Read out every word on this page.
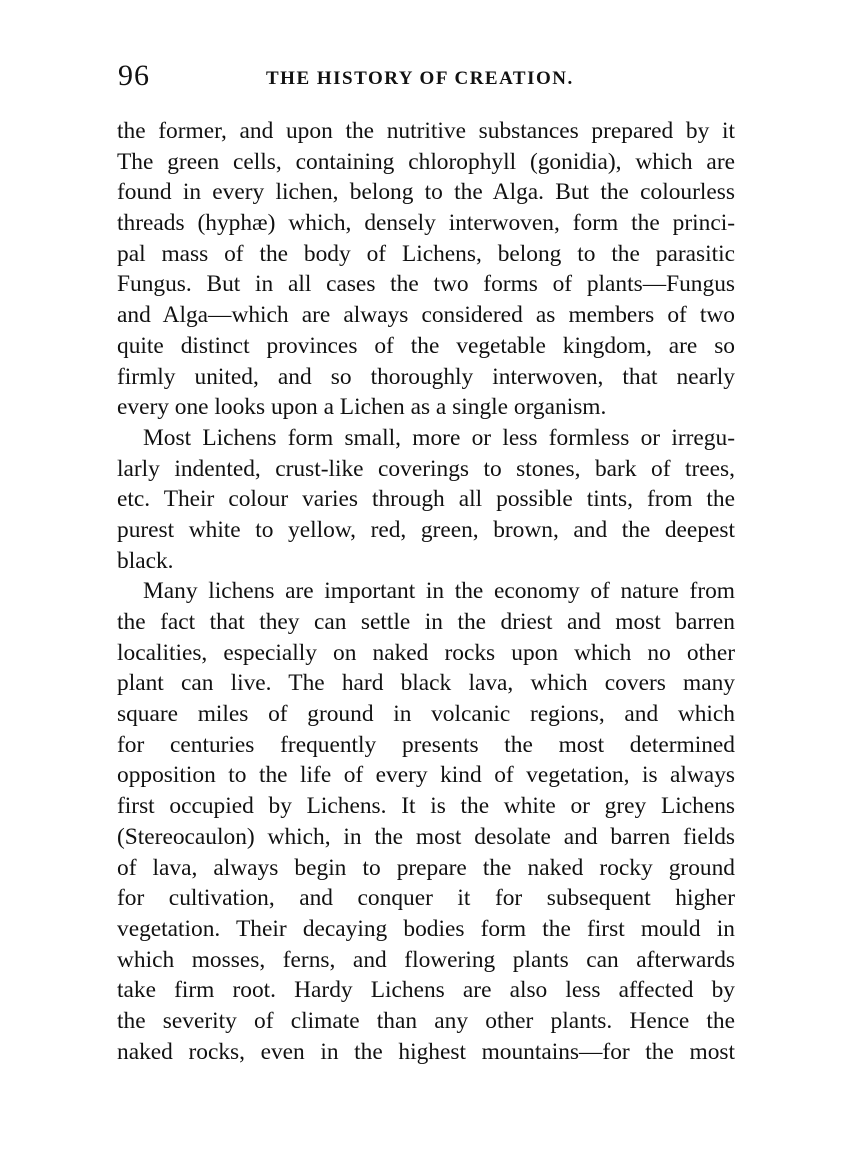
96	THE HISTORY OF CREATION.
the former, and upon the nutritive substances prepared by it
The green cells, containing chlorophyll (gonidia), which are
found in every lichen, belong to the Alga. But the colourless
threads (hyphæ) which, densely interwoven, form the princi-
pal mass of the body of Lichens, belong to the parasitic
Fungus. But in all cases the two forms of plants—Fungus
and Alga—which are always considered as members of two
quite distinct provinces of the vegetable kingdom, are so
firmly united, and so thoroughly interwoven, that nearly
every one looks upon a Lichen as a single organism.
Most Lichens form small, more or less formless or irregu-
larly indented, crust-like coverings to stones, bark of trees,
etc. Their colour varies through all possible tints, from the
purest white to yellow, red, green, brown, and the deepest
black.
Many lichens are important in the economy of nature from
the fact that they can settle in the driest and most barren
localities, especially on naked rocks upon which no other
plant can live. The hard black lava, which covers many
square miles of ground in volcanic regions, and which
for centuries frequently presents the most determined
opposition to the life of every kind of vegetation, is always
first occupied by Lichens. It is the white or grey Lichens
(Stereocaulon) which, in the most desolate and barren fields
of lava, always begin to prepare the naked rocky ground
for cultivation, and conquer it for subsequent higher
vegetation. Their decaying bodies form the first mould in
which mosses, ferns, and flowering plants can afterwards
take firm root. Hardy Lichens are also less affected by
the severity of climate than any other plants. Hence the
naked rocks, even in the highest mountains—for the most
